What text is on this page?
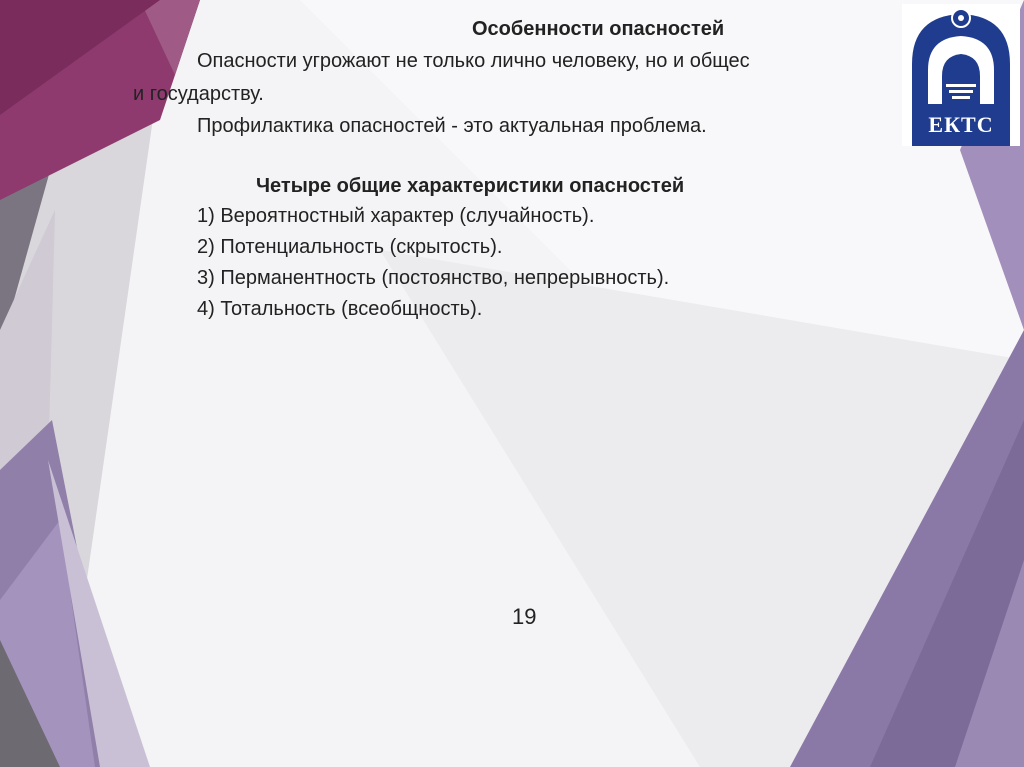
Особенности опасностей
Опасности угрожают не только лично человеку, но и общес
и государству.
Профилактика опасностей - это актуальная проблема.
Четыре общие характеристики опасностей
1) Вероятностный характер (случайность).
2) Потенциальность (скрытость).
3) Перманентность (постоянство, непрерывность).
4) Тотальность (всеобщность).
19
ЕКТС
